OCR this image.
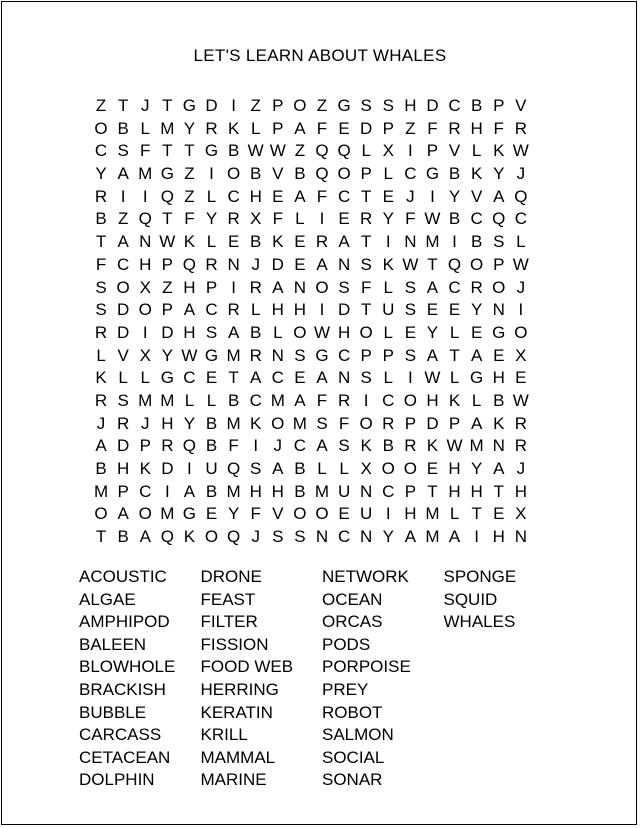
LET'S LEARN ABOUT WHALES
Z T J T G D I Z P O Z G S S H D C B P V
O B L M Y R K L P A F E D P Z F R H F R
C S F T T G B W W Z Q Q L X I P V L K W
Y A M G Z I O B V B Q O P L C G B K Y J
R I	I Q Z L C H E A F C T E J I Y V A Q
B Z Q T F Y R X F L I E R Y F W B C Q C
T A N W K L E B K E R A T I N M I B S L
F C H P Q R N J D E A N S K W T Q O P W
S O X Z H P I R A N O S F L S A C R O J
S D O P A C R L H H I D T U S E E Y N I
R D I D H S A B L O W H O L E Y L E G O
L V X Y W G M R N S G C P P S A T A E X
K L L G C E T A C E A N S L I W L G H E
R S M M L L B C M A F R I C O H K L B W
J R J H Y B M K O M S F O R P D P A K R
A D P R Q B F I J C A S K B R K W M N R
B H K D I U Q S A B L L X O O E H Y A J
M P C I A B M H H B M U N C P T H H T H
O A O M G E Y F V O O E U I H M L T E X
T B A Q K O Q J S S N C N Y A M A I H N
ACOUSTIC
ALGAE
AMPHIPOD
BALEEN
BLOWHOLE
BRACKISH
BUBBLE
CARCASS
CETACEAN
DOLPHIN
DRONE
FEAST
FILTER
FISSION
FOOD WEB
HERRING
KERATIN
KRILL
MAMMAL
MARINE
NETWORK
OCEAN
ORCAS
PODS
PORPOISE
PREY
ROBOT
SALMON
SOCIAL
SONAR
SPONGE
SQUID
WHALES
